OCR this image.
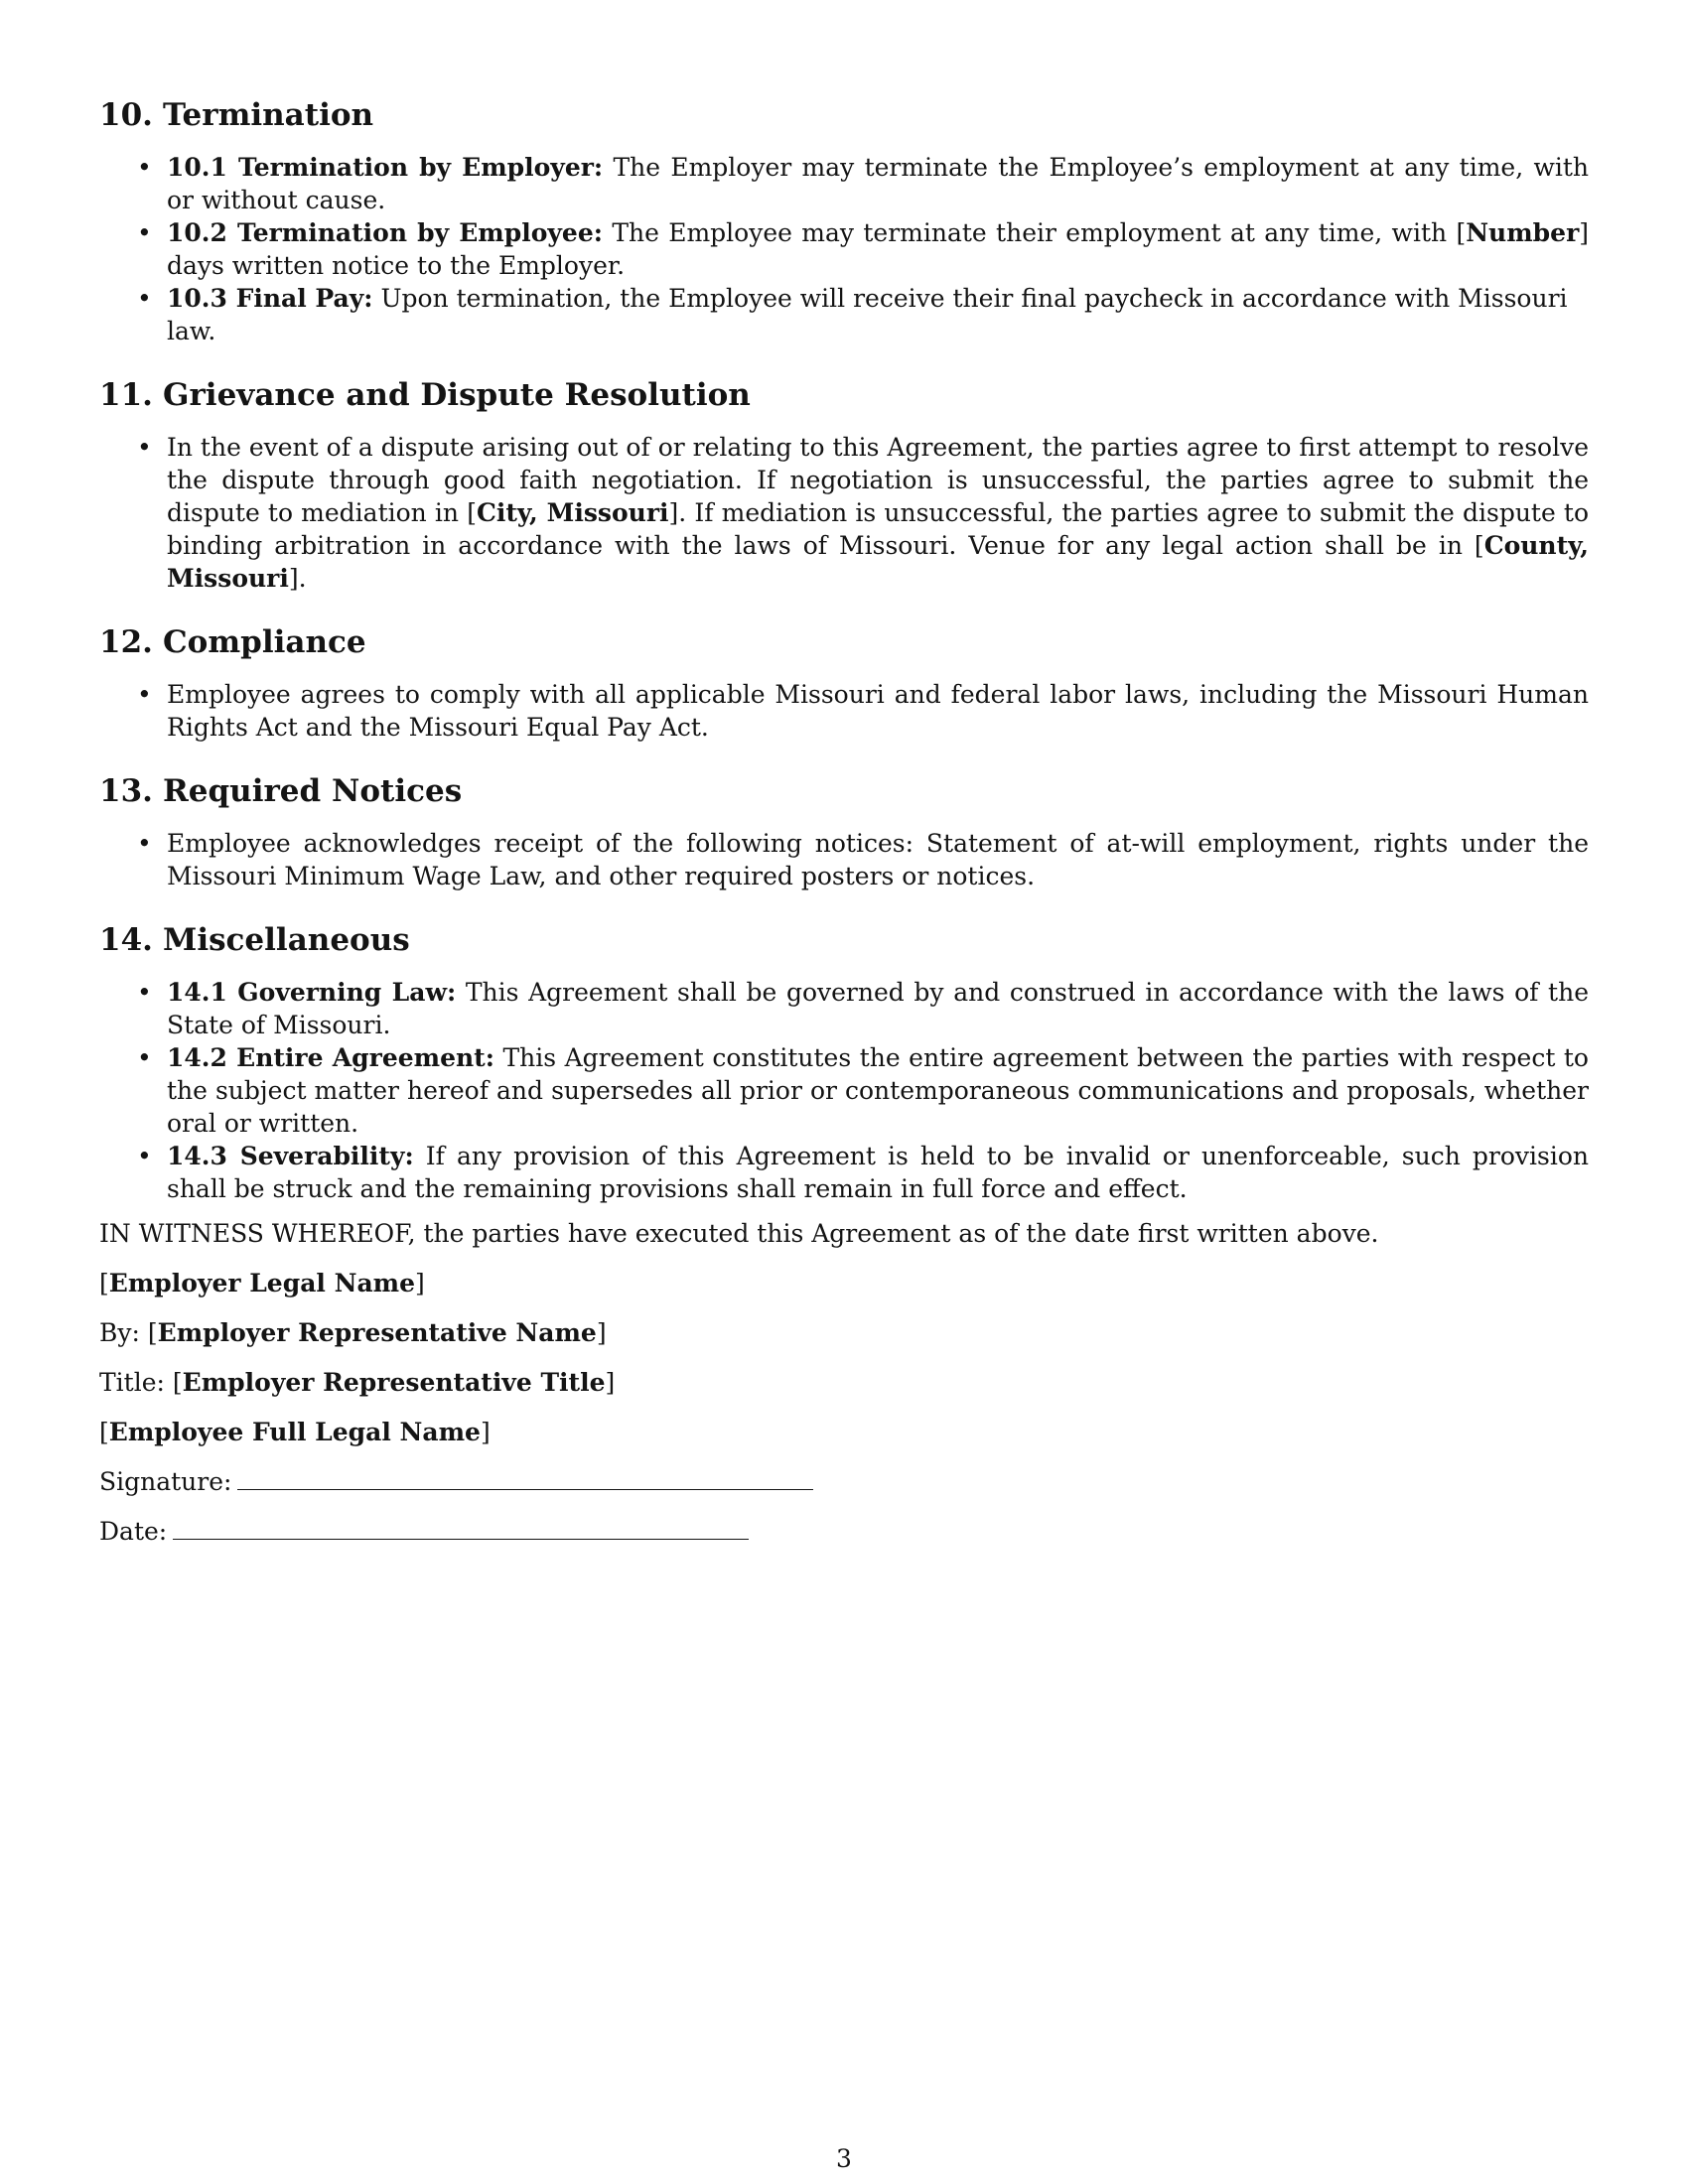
10. Termination
• 10.1 Termination by Employer: The Employer may terminate the Employee’s employment at any time, with or without cause.
• 10.2 Termination by Employee: The Employee may terminate their employment at any time, with [Number] days written notice to the Employer.
• 10.3 Final Pay: Upon termination, the Employee will receive their final paycheck in accordance with Missouri law.
11. Grievance and Dispute Resolution
• In the event of a dispute arising out of or relating to this Agreement, the parties agree to first attempt to resolve the dispute through good faith negotiation. If negotiation is unsuccessful, the parties agree to submit the dispute to mediation in [City, Missouri]. If mediation is unsuccessful, the parties agree to submit the dispute to binding arbitration in accordance with the laws of Missouri. Venue for any legal action shall be in [County, Missouri].
12. Compliance
• Employee agrees to comply with all applicable Missouri and federal labor laws, including the Missouri Human Rights Act and the Missouri Equal Pay Act.
13. Required Notices
• Employee acknowledges receipt of the following notices: Statement of at-will employment, rights under the Missouri Minimum Wage Law, and other required posters or notices.
14. Miscellaneous
• 14.1 Governing Law: This Agreement shall be governed by and construed in accordance with the laws of the State of Missouri.
• 14.2 Entire Agreement: This Agreement constitutes the entire agreement between the parties with respect to the subject matter hereof and supersedes all prior or contemporaneous communications and proposals, whether oral or written.
• 14.3 Severability: If any provision of this Agreement is held to be invalid or unenforceable, such provision shall be struck and the remaining provisions shall remain in full force and effect.

IN WITNESS WHEREOF, the parties have executed this Agreement as of the date first written above.

[Employer Legal Name]

By: [Employer Representative Name]

Title: [Employer Representative Title]

[Employee Full Legal Name]

Signature:

Date:

3
